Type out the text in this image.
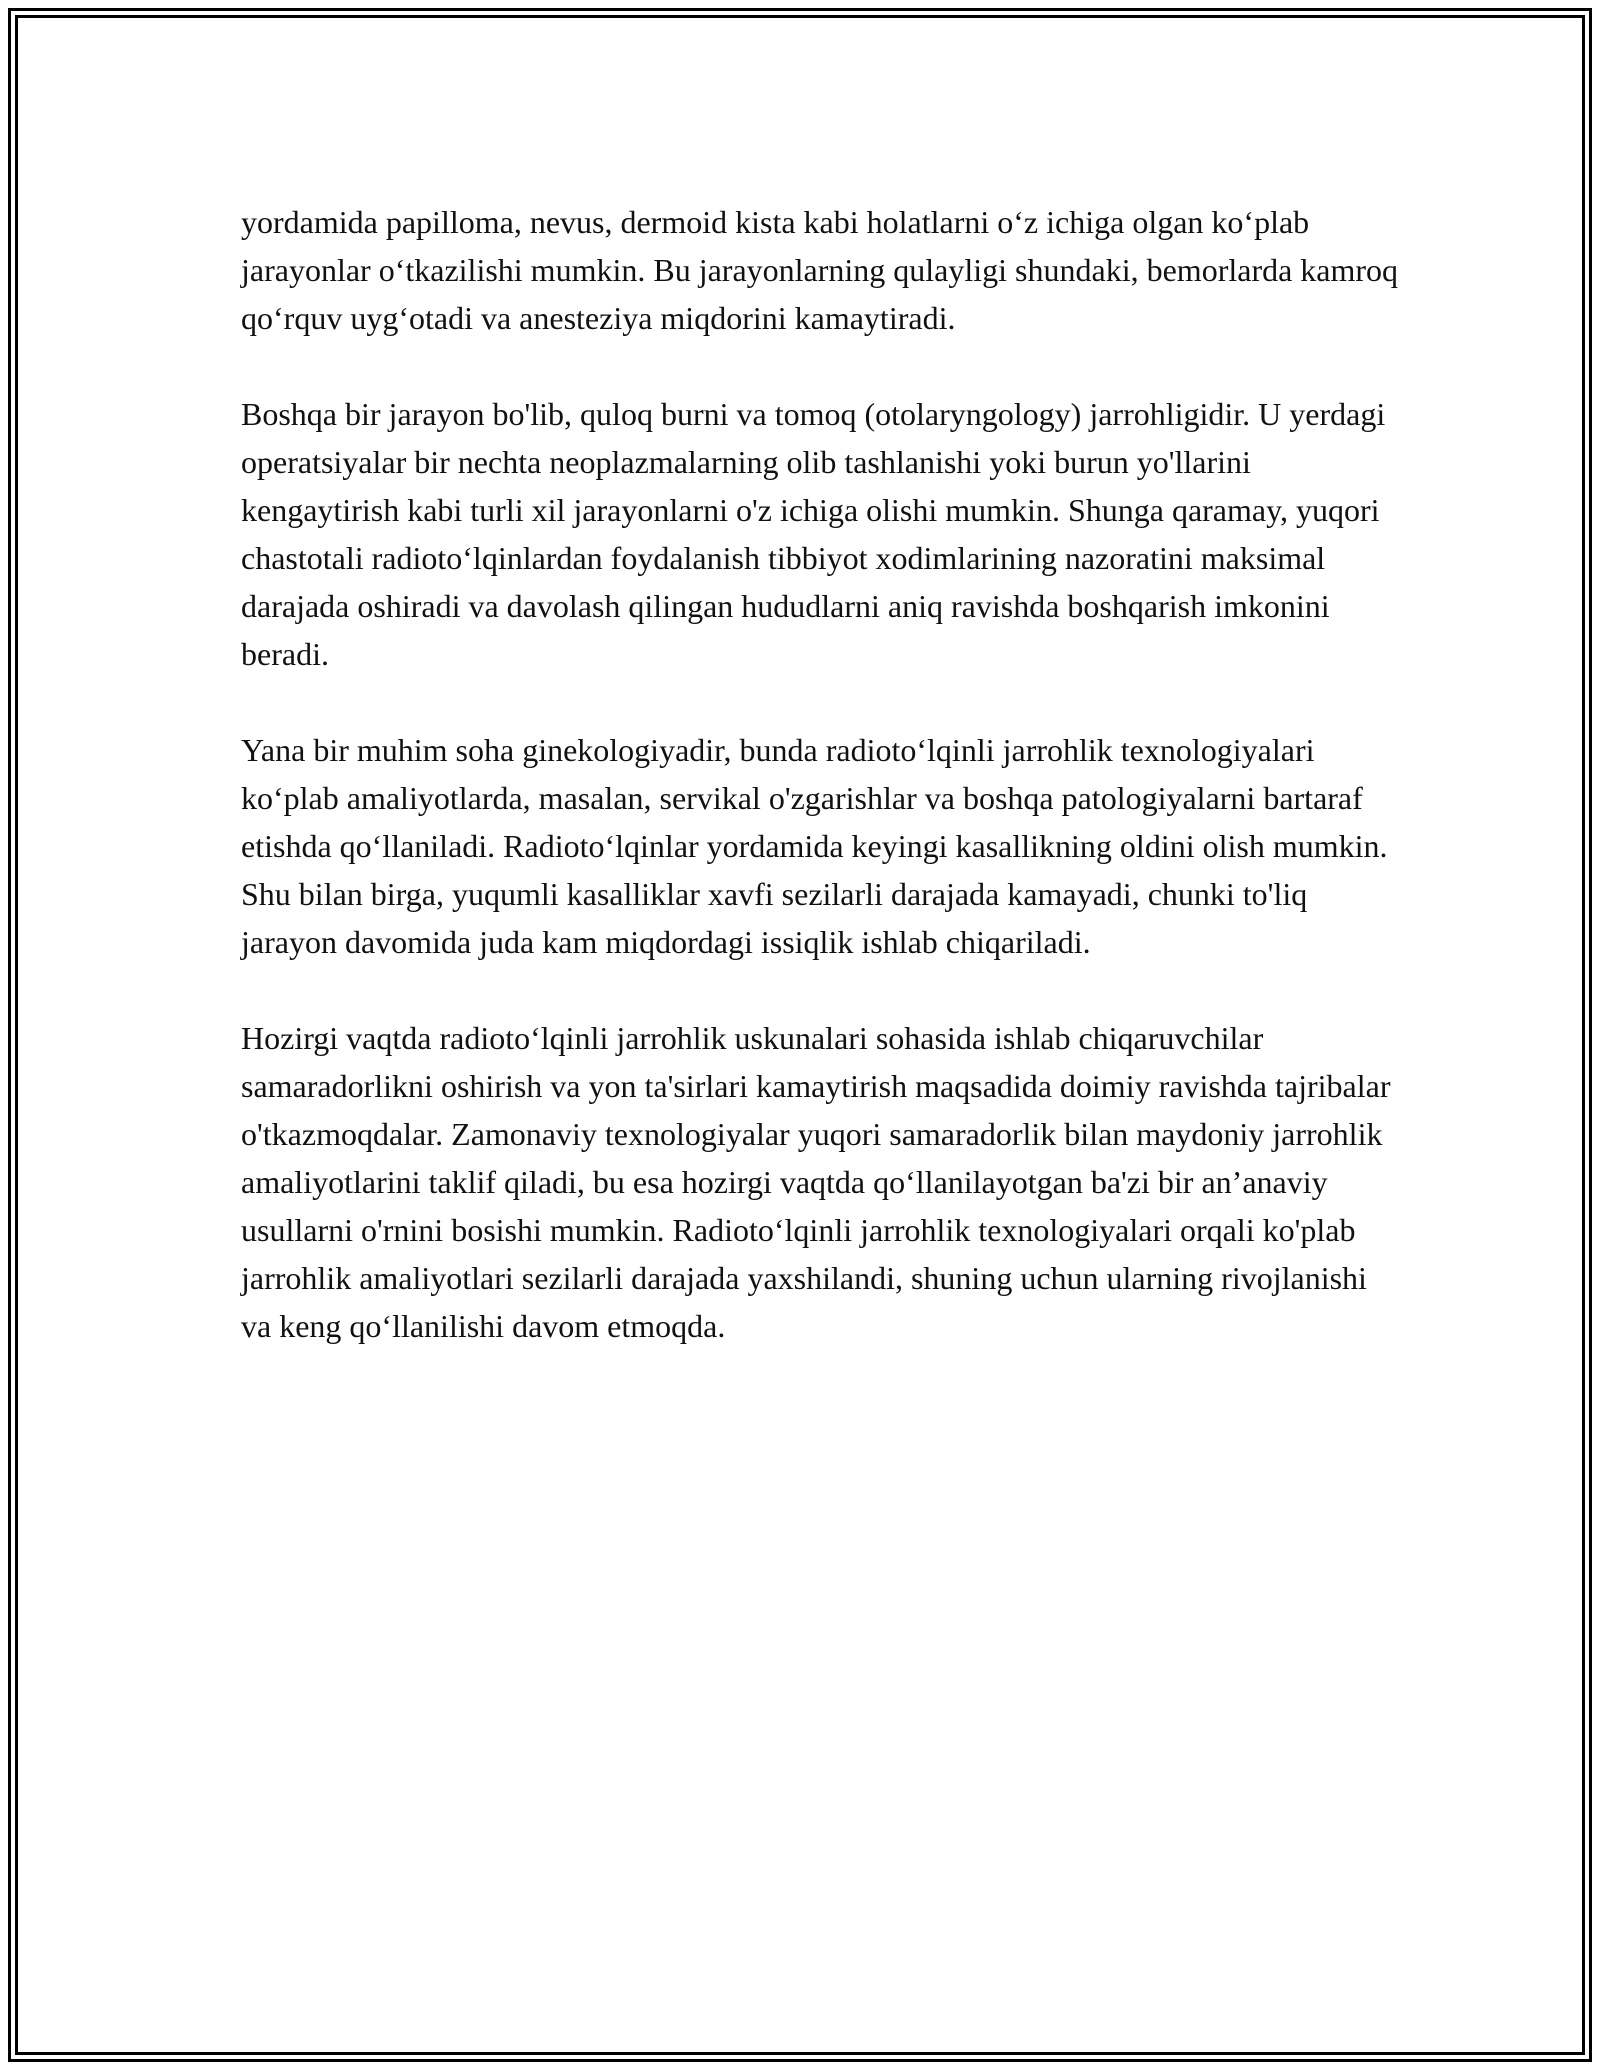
yordamida papilloma, nevus, dermoid kista kabi holatlarni o‘z ichiga olgan ko‘plab jarayonlar o‘tkazilishi mumkin. Bu jarayonlarning qulayligi shundaki, bemorlarda kamroq qo‘rquv uyg‘otadi va anesteziya miqdorini kamaytiradi.

Boshqa bir jarayon bo'lib, quloq burni va tomoq (otolaryngology) jarrohligidir. U yerdagi operatsiyalar bir nechta neoplazmalarning olib tashlanishi yoki burun yo'llarini kengaytirish kabi turli xil jarayonlarni o'z ichiga olishi mumkin. Shunga qaramay, yuqori chastotali radioto‘lqinlardan foydalanish tibbiyot xodimlarining nazoratini maksimal darajada oshiradi va davolash qilingan hududlarni aniq ravishda boshqarish imkonini beradi.

Yana bir muhim soha ginekologiyadir, bunda radioto‘lqinli jarrohlik texnologiyalari ko‘plab amaliyotlarda, masalan, servikal o'zgarishlar va boshqa patologiyalarni bartaraf etishda qo‘llaniladi. Radioto‘lqinlar yordamida keyingi kasallikning oldini olish mumkin. Shu bilan birga, yuqumli kasalliklar xavfi sezilarli darajada kamayadi, chunki to'liq jarayon davomida juda kam miqdordagi issiqlik ishlab chiqariladi.

Hozirgi vaqtda radioto‘lqinli jarrohlik uskunalari sohasida ishlab chiqaruvchilar samaradorlikni oshirish va yon ta'sirlari kamaytirish maqsadida doimiy ravishda tajribalar o'tkazmoqdalar. Zamonaviy texnologiyalar yuqori samaradorlik bilan maydoniy jarrohlik amaliyotlarini taklif qiladi, bu esa hozirgi vaqtda qo‘llanilayotgan ba'zi bir an’anaviy usullarni o'rnini bosishi mumkin. Radioto‘lqinli jarrohlik texnologiyalari orqali ko'plab jarrohlik amaliyotlari sezilarli darajada yaxshilandi, shuning uchun ularning rivojlanishi va keng qo‘llanilishi davom etmoqda.
